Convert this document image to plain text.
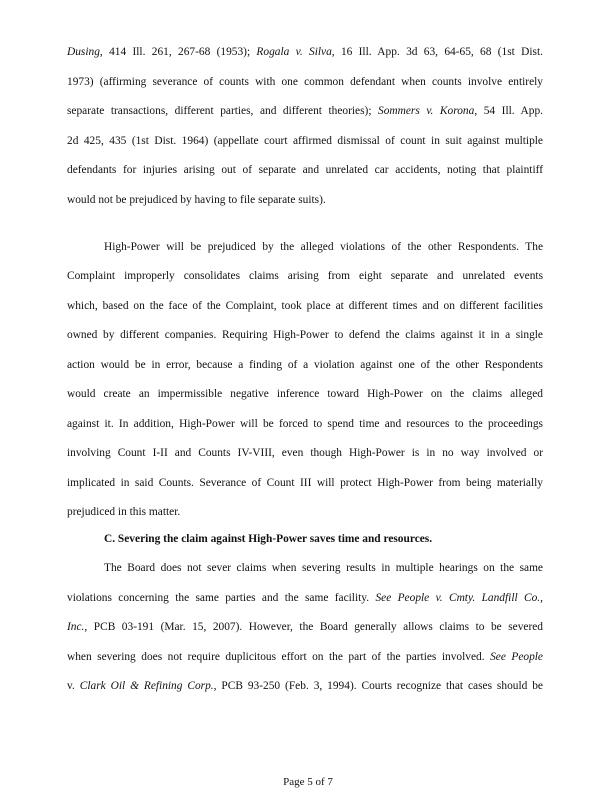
Dusing, 414 Ill. 261, 267-68 (1953); Rogala v. Silva, 16 Ill. App. 3d 63, 64-65, 68 (1st Dist.
1973) (affirming severance of counts with one common defendant when counts involve entirely
separate transactions, different parties, and different theories); Sommers v. Korona, 54 Ill. App.
2d 425, 435 (1st Dist. 1964) (appellate court affirmed dismissal of count in suit against multiple
defendants for injuries arising out of separate and unrelated car accidents, noting that plaintiff
would not be prejudiced by having to file separate suits).
High-Power will be prejudiced by the alleged violations of the other Respondents. The
Complaint improperly consolidates claims arising from eight separate and unrelated events
which, based on the face of the Complaint, took place at different times and on different facilities
owned by different companies. Requiring High-Power to defend the claims against it in a single
action would be in error, because a finding of a violation against one of the other Respondents
would create an impermissible negative inference toward High-Power on the claims alleged
against it. In addition, High-Power will be forced to spend time and resources to the proceedings
involving Count I-II and Counts IV-VIII, even though High-Power is in no way involved or
implicated in said Counts. Severance of Count III will protect High-Power from being materially
prejudiced in this matter.
C. Severing the claim against High-Power saves time and resources.
The Board does not sever claims when severing results in multiple hearings on the same
violations concerning the same parties and the same facility. See People v. Cmty. Landfill Co.,
Inc., PCB 03-191 (Mar. 15, 2007). However, the Board generally allows claims to be severed
when severing does not require duplicitous effort on the part of the parties involved. See People
v. Clark Oil & Refining Corp., PCB 93-250 (Feb. 3, 1994). Courts recognize that cases should be
Page 5 of 7
